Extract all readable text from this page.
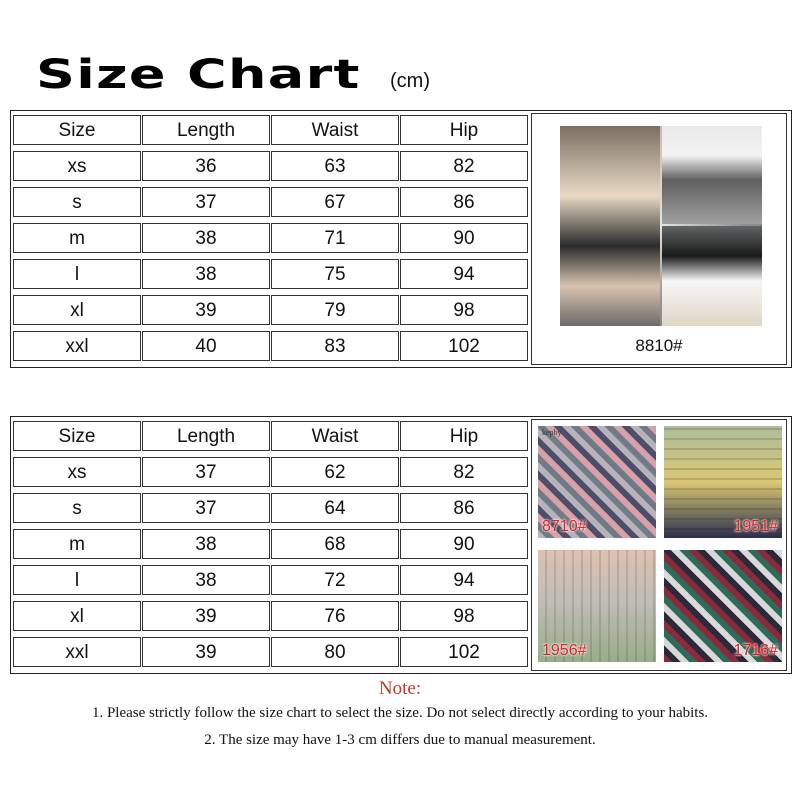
Size Chart (cm)
Size	Length	Waist	Hip
xs	36	63	82
s	37	67	86
m	38	71	90
l	38	75	94
xl	39	79	98
xxl	40	83	102	8810#
Size	Length	Waist	Hip
xs	37	62	82
s	37	64	86
m	38	68	90
l	38	72	94
xl	39	76	98
xxl	39	80	102
kepby
8710#	1951#
1956#	1716#
Note:
1. Please strictly follow the size chart to select the size. Do not select directly according to your habits.
2. The size may have 1-3 cm differs due to manual measurement.
